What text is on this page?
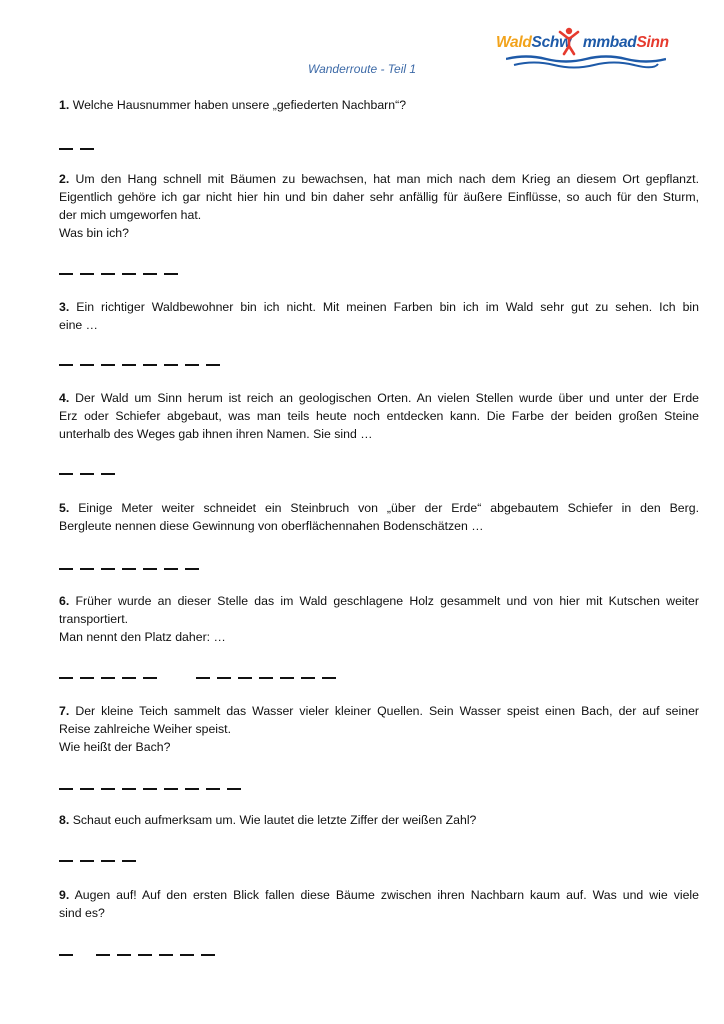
WaldSchw mmbadSinn
Wanderroute - Teil 1
1. Welche Hausnummer haben unsere „gefiederten Nachbarn“?
2. Um den Hang schnell mit Bäumen zu bewachsen, hat man mich nach dem Krieg an diesem Ort gepflanzt.
Eigentlich gehöre ich gar nicht hier hin und bin daher sehr anfällig für äußere Einflüsse, so auch für den Sturm,
der mich umgeworfen hat.
Was bin ich?
3. Ein richtiger Waldbewohner bin ich nicht. Mit meinen Farben bin ich im Wald sehr gut zu sehen. Ich bin
eine …
4. Der Wald um Sinn herum ist reich an geologischen Orten. An vielen Stellen wurde über und unter der Erde
Erz oder Schiefer abgebaut, was man teils heute noch entdecken kann. Die Farbe der beiden großen Steine
unterhalb des Weges gab ihnen ihren Namen. Sie sind …
5. Einige Meter weiter schneidet ein Steinbruch von „über der Erde“ abgebautem Schiefer in den Berg.
Bergleute nennen diese Gewinnung von oberflächennahen Bodenschätzen …
6. Früher wurde an dieser Stelle das im Wald geschlagene Holz gesammelt und von hier mit Kutschen weiter
transportiert.
Man nennt den Platz daher: …
7. Der kleine Teich sammelt das Wasser vieler kleiner Quellen. Sein Wasser speist einen Bach, der auf seiner
Reise zahlreiche Weiher speist.
Wie heißt der Bach?
8. Schaut euch aufmerksam um. Wie lautet die letzte Ziffer der weißen Zahl?
9. Augen auf! Auf den ersten Blick fallen diese Bäume zwischen ihren Nachbarn kaum auf. Was und wie viele
sind es?
